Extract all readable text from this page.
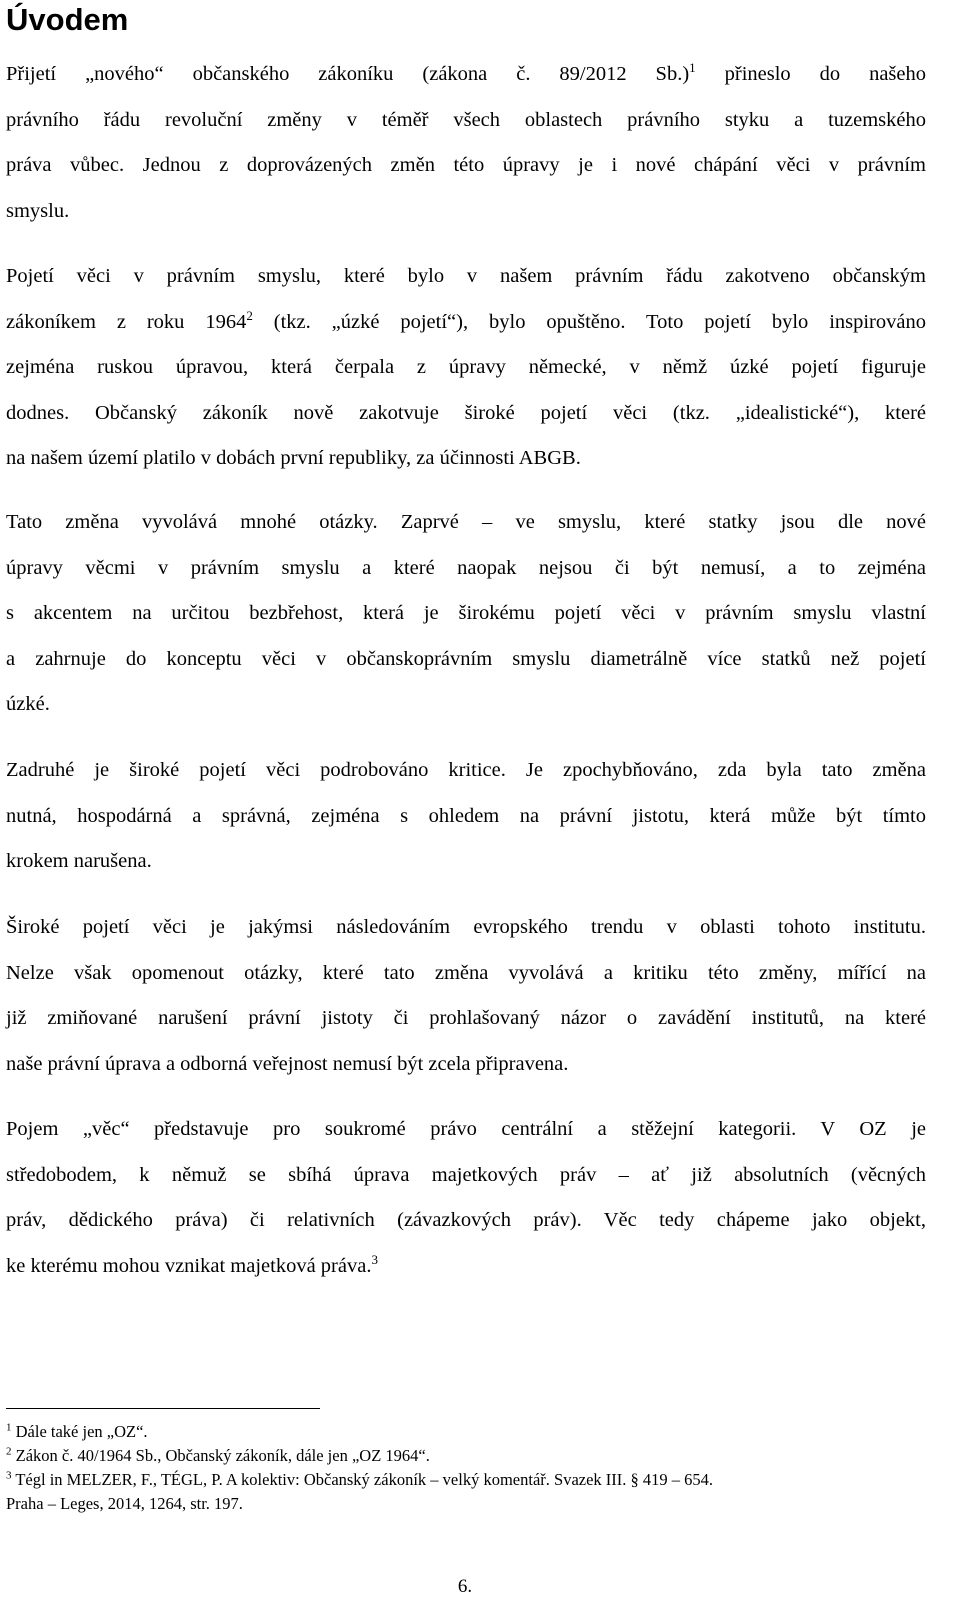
Úvodem

Přijetí „nového“ občanského zákoníku (zákona č. 89/2012 Sb.)$^1$ přineslo do našeho
právního řádu revoluční změny v téměř všech oblastech právního styku a tuzemského
práva vůbec. Jednou z doprovázených změn této úpravy je i nové chápání věci v právním
smyslu.

Pojetí věci v právním smyslu, které bylo v našem právním řádu zakotveno občanským
zákoníkem z roku 1964$^2$ (tkz. „úzké pojetí“), bylo opuštěno. Toto pojetí bylo inspirováno
zejména ruskou úpravou, která čerpala z úpravy německé, v němž úzké pojetí figuruje
dodnes. Občanský zákoník nově zakotvuje široké pojetí věci (tkz. „idealistické“), které
na našem území platilo v dobách první republiky, za účinnosti ABGB.

Tato změna vyvolává mnohé otázky. Zaprvé – ve smyslu, které statky jsou dle nové
úpravy věcmi v právním smyslu a které naopak nejsou či být nemusí, a to zejména
s akcentem na určitou bezbřehost, která je širokému pojetí věci v právním smyslu vlastní
a zahrnuje do konceptu věci v občanskoprávním smyslu diametrálně více statků než pojetí
úzké.

Zadruhé je široké pojetí věci podrobováno kritice. Je zpochybňováno, zda byla tato změna
nutná, hospodárná a správná, zejména s ohledem na právní jistotu, která může být tímto
krokem narušena.

Široké pojetí věci je jakýmsi následováním evropského trendu v oblasti tohoto institutu.
Nelze však opomenout otázky, které tato změna vyvolává a kritiku této změny, mířící na
již zmiňované narušení právní jistoty či prohlašovaný názor o zavádění institutů, na které
naše právní úprava a odborná veřejnost nemusí být zcela připravena.

Pojem „věc“ představuje pro soukromé právo centrální a stěžejní kategorii. V OZ je
středobodem, k němuž se sbíhá úprava majetkových práv – ať již absolutních (věcných
práv, dědického práva) či relativních (závazkových práv). Věc tedy chápeme jako objekt,
ke kterému mohou vznikat majetková práva.$^3$

$^1$ Dále také jen „OZ“.
$^2$ Zákon č. 40/1964 Sb., Občanský zákoník, dále jen „OZ 1964“.
$^3$ Tégl in MELZER, F., TÉGL, P. A kolektiv: Občanský zákoník – velký komentář. Svazek III. § 419 – 654.
Praha – Leges, 2014, 1264, str. 197.
6.
